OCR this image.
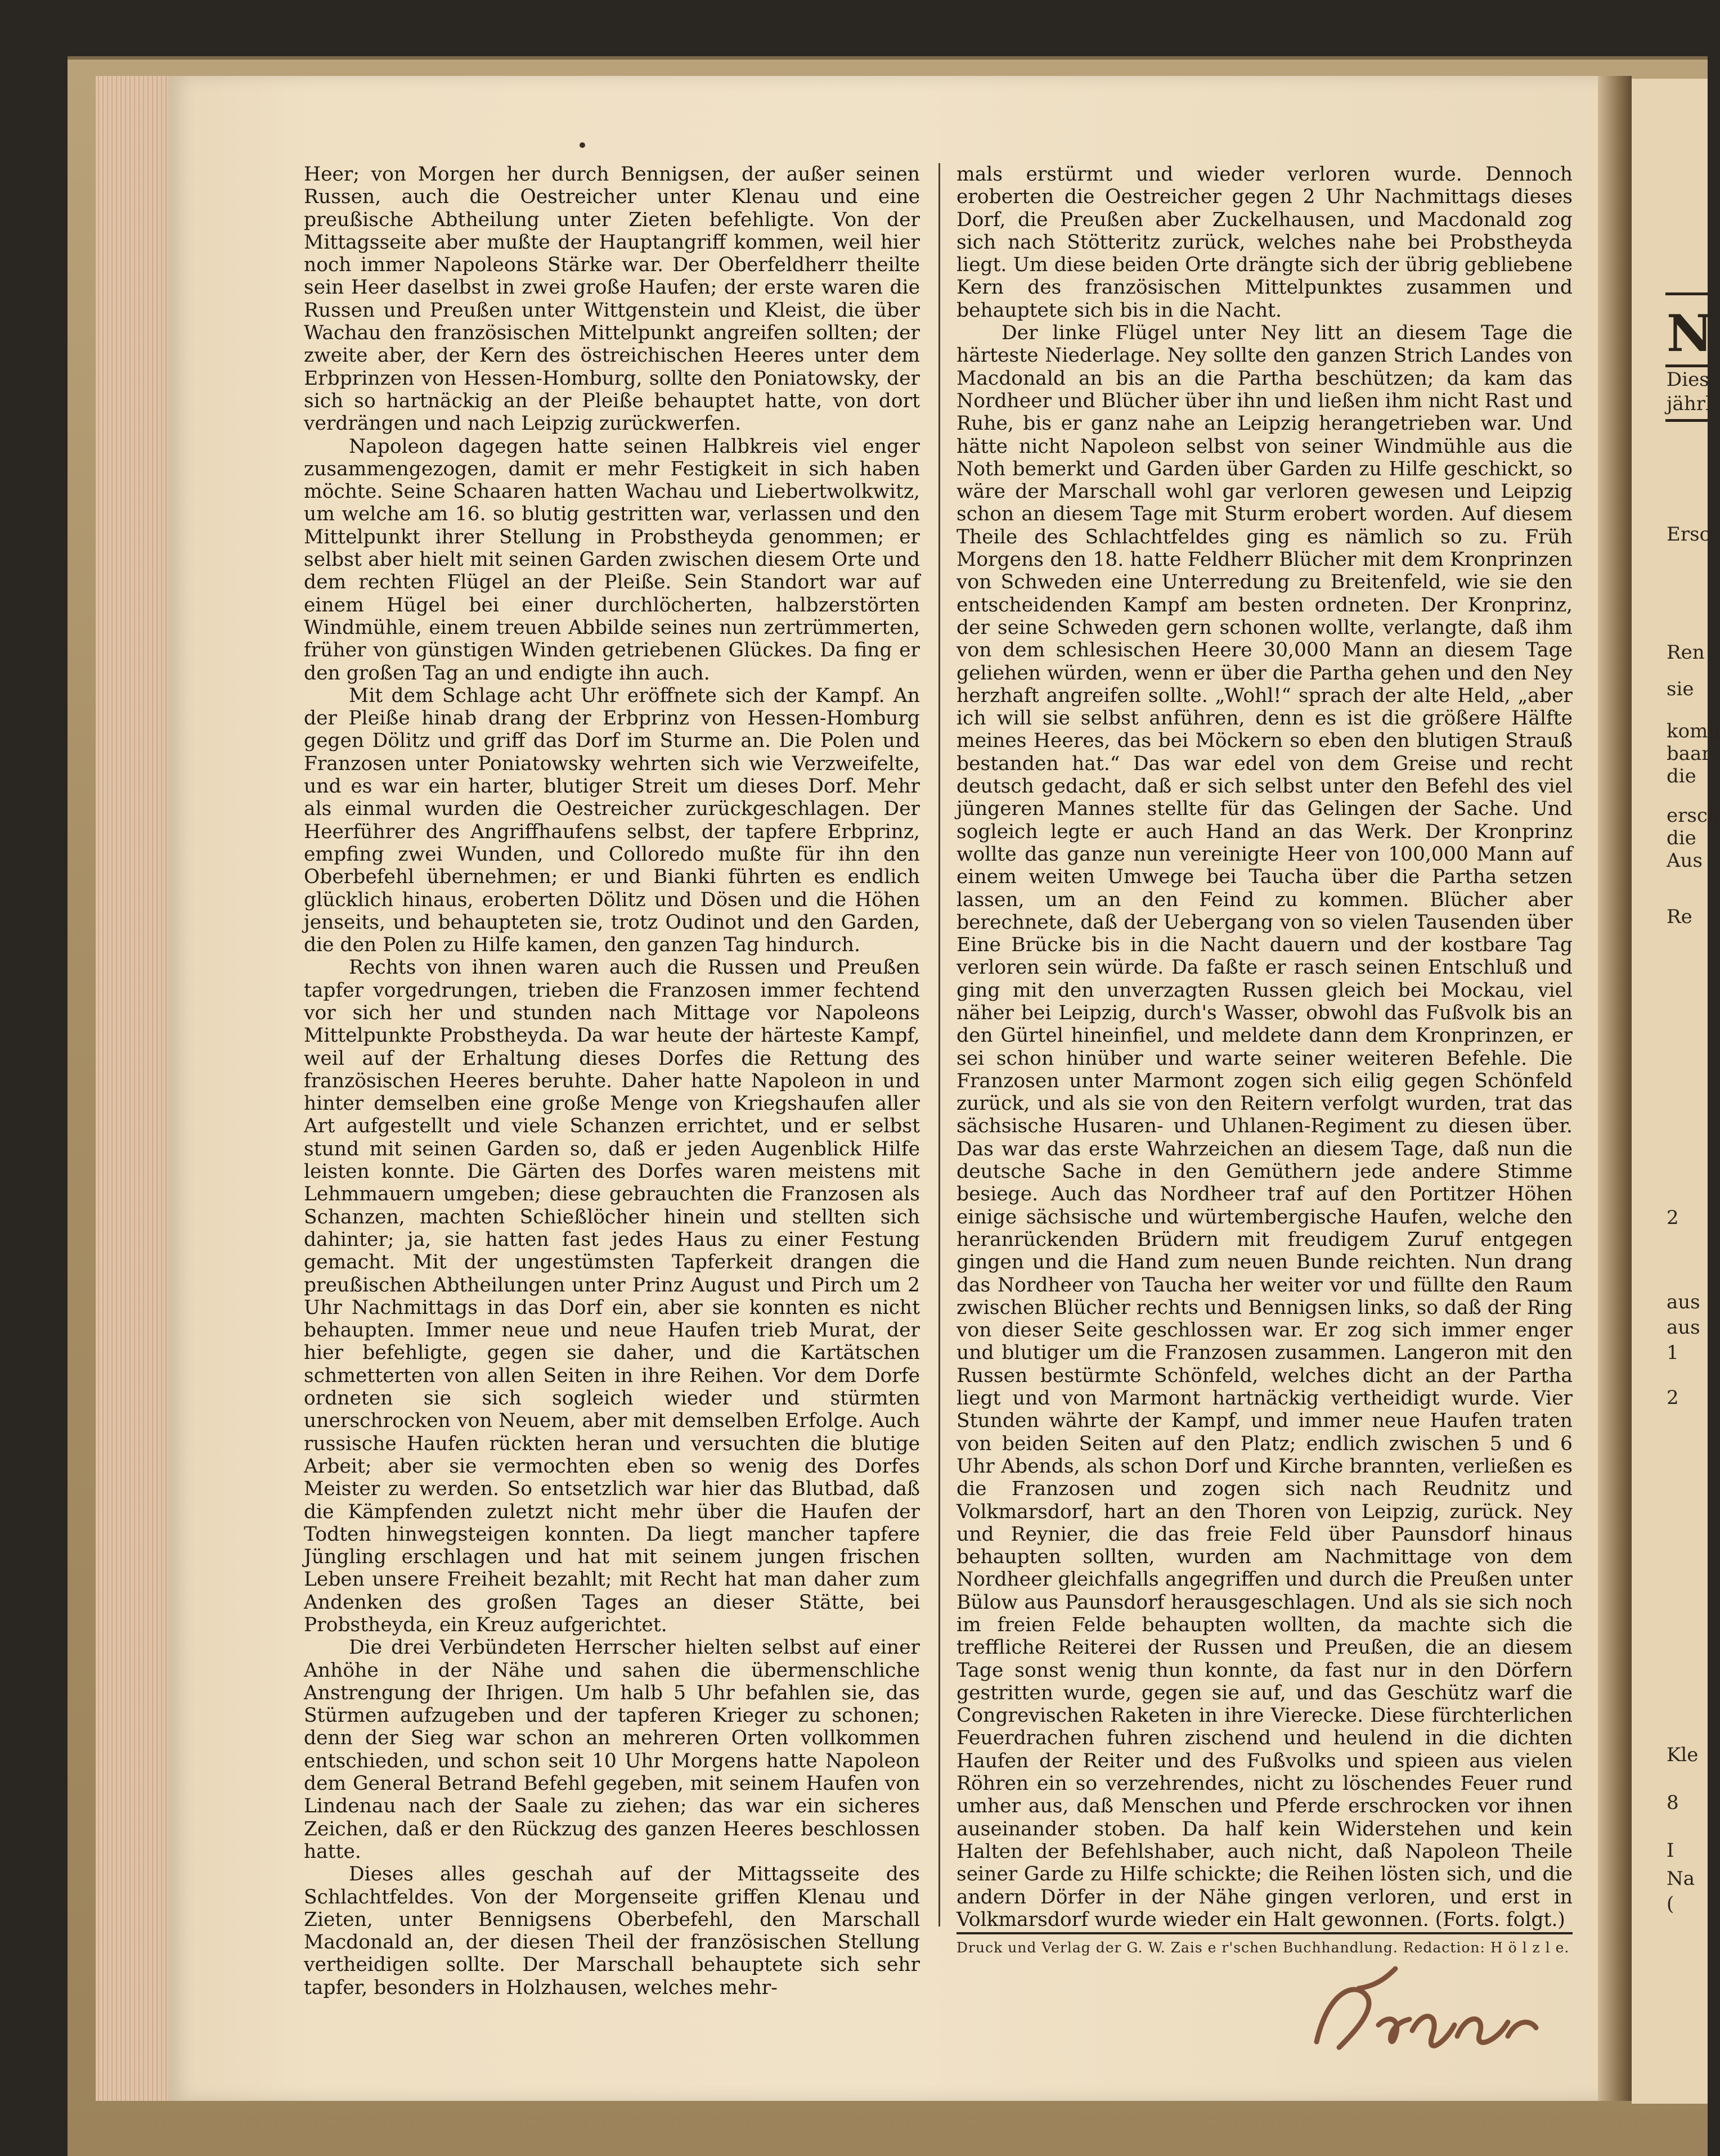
N
Dies
jährl
Ersc
Ren
sie
komu
baar
die
ersch
die
Aus
Re
2
aus
aus
1
2
Kle
8
I
Na
(

Heer; von Morgen her durch Bennigsen, der außer seinen Russen, auch die Oestreicher unter Klenau und eine preußische Abtheilung unter Zieten befehligte. Von der Mittagsseite aber mußte der Hauptangriff kommen, weil hier noch immer Napoleons Stärke war. Der Oberfeldherr theilte sein Heer daselbst in zwei große Haufen; der erste waren die Russen und Preußen unter Wittgenstein und Kleist, die über Wachau den französischen Mittelpunkt angreifen sollten; der zweite aber, der Kern des östreichischen Heeres unter dem Erbprinzen von Hessen-Homburg, sollte den Poniatowsky, der sich so hartnäckig an der Pleiße behauptet hatte, von dort verdrängen und nach Leipzig zurückwerfen.

Napoleon dagegen hatte seinen Halbkreis viel enger zusammengezogen, damit er mehr Festigkeit in sich haben möchte. Seine Schaaren hatten Wachau und Liebertwolkwitz, um welche am 16. so blutig gestritten war, verlassen und den Mittelpunkt ihrer Stellung in Probstheyda genommen; er selbst aber hielt mit seinen Garden zwischen diesem Orte und dem rechten Flügel an der Pleiße. Sein Standort war auf einem Hügel bei einer durchlöcherten, halbzerstörten Windmühle, einem treuen Abbilde seines nun zertrümmerten, früher von günstigen Winden getriebenen Glückes. Da fing er den großen Tag an und endigte ihn auch.

Mit dem Schlage acht Uhr eröffnete sich der Kampf. An der Pleiße hinab drang der Erbprinz von Hessen-Homburg gegen Dölitz und griff das Dorf im Sturme an. Die Polen und Franzosen unter Poniatowsky wehrten sich wie Verzweifelte, und es war ein harter, blutiger Streit um dieses Dorf. Mehr als einmal wurden die Oestreicher zurückgeschlagen. Der Heerführer des Angriffhaufens selbst, der tapfere Erbprinz, empfing zwei Wunden, und Colloredo mußte für ihn den Oberbefehl übernehmen; er und Bianki führten es endlich glücklich hinaus, eroberten Dölitz und Dösen und die Höhen jenseits, und behaupteten sie, trotz Oudinot und den Garden, die den Polen zu Hilfe kamen, den ganzen Tag hindurch.

Rechts von ihnen waren auch die Russen und Preußen tapfer vorgedrungen, trieben die Franzosen immer fechtend vor sich her und stunden nach Mittage vor Napoleons Mittelpunkte Probstheyda. Da war heute der härteste Kampf, weil auf der Erhaltung dieses Dorfes die Rettung des französischen Heeres beruhte. Daher hatte Napoleon in und hinter demselben eine große Menge von Kriegshaufen aller Art aufgestellt und viele Schanzen errichtet, und er selbst stund mit seinen Garden so, daß er jeden Augenblick Hilfe leisten konnte. Die Gärten des Dorfes waren meistens mit Lehmmauern umgeben; diese gebrauchten die Franzosen als Schanzen, machten Schießlöcher hinein und stellten sich dahinter; ja, sie hatten fast jedes Haus zu einer Festung gemacht. Mit der ungestümsten Tapferkeit drangen die preußischen Abtheilungen unter Prinz August und Pirch um 2 Uhr Nachmittags in das Dorf ein, aber sie konnten es nicht behaupten. Immer neue und neue Haufen trieb Murat, der hier befehligte, gegen sie daher, und die Kartätschen schmetterten von allen Seiten in ihre Reihen. Vor dem Dorfe ordneten sie sich sogleich wieder und stürmten unerschrocken von Neuem, aber mit demselben Erfolge. Auch russische Haufen rückten heran und versuchten die blutige Arbeit; aber sie vermochten eben so wenig des Dorfes Meister zu werden. So entsetzlich war hier das Blutbad, daß die Kämpfenden zuletzt nicht mehr über die Haufen der Todten hinwegsteigen konnten. Da liegt mancher tapfere Jüngling erschlagen und hat mit seinem jungen frischen Leben unsere Freiheit bezahlt; mit Recht hat man daher zum Andenken des großen Tages an dieser Stätte, bei Probstheyda, ein Kreuz aufgerichtet.

Die drei Verbündeten Herrscher hielten selbst auf einer Anhöhe in der Nähe und sahen die übermenschliche Anstrengung der Ihrigen. Um halb 5 Uhr befahlen sie, das Stürmen aufzugeben und der tapferen Krieger zu schonen; denn der Sieg war schon an mehreren Orten vollkommen entschieden, und schon seit 10 Uhr Morgens hatte Napoleon dem General Betrand Befehl gegeben, mit seinem Haufen von Lindenau nach der Saale zu ziehen; das war ein sicheres Zeichen, daß er den Rückzug des ganzen Heeres beschlossen hatte.

Dieses alles geschah auf der Mittagsseite des Schlachtfeldes. Von der Morgenseite griffen Klenau und Zieten, unter Bennigsens Oberbefehl, den Marschall Macdonald an, der diesen Theil der französischen Stellung vertheidigen sollte. Der Marschall behauptete sich sehr tapfer, besonders in Holzhausen, welches mehr-

mals erstürmt und wieder verloren wurde. Dennoch eroberten die Oestreicher gegen 2 Uhr Nachmittags dieses Dorf, die Preußen aber Zuckelhausen, und Macdonald zog sich nach Stötteritz zurück, welches nahe bei Probstheyda liegt. Um diese beiden Orte drängte sich der übrig gebliebene Kern des französischen Mittelpunktes zusammen und behauptete sich bis in die Nacht.

Der linke Flügel unter Ney litt an diesem Tage die härteste Niederlage. Ney sollte den ganzen Strich Landes von Macdonald an bis an die Partha beschützen; da kam das Nordheer und Blücher über ihn und ließen ihm nicht Rast und Ruhe, bis er ganz nahe an Leipzig herangetrieben war. Und hätte nicht Napoleon selbst von seiner Windmühle aus die Noth bemerkt und Garden über Garden zu Hilfe geschickt, so wäre der Marschall wohl gar verloren gewesen und Leipzig schon an diesem Tage mit Sturm erobert worden. Auf diesem Theile des Schlachtfeldes ging es nämlich so zu. Früh Morgens den 18. hatte Feldherr Blücher mit dem Kronprinzen von Schweden eine Unterredung zu Breitenfeld, wie sie den entscheidenden Kampf am besten ordneten. Der Kronprinz, der seine Schweden gern schonen wollte, verlangte, daß ihm von dem schlesischen Heere 30,000 Mann an diesem Tage geliehen würden, wenn er über die Partha gehen und den Ney herzhaft angreifen sollte. „Wohl!“ sprach der alte Held, „aber ich will sie selbst anführen, denn es ist die größere Hälfte meines Heeres, das bei Möckern so eben den blutigen Strauß bestanden hat.“ Das war edel von dem Greise und recht deutsch gedacht, daß er sich selbst unter den Befehl des viel jüngeren Mannes stellte für das Gelingen der Sache. Und sogleich legte er auch Hand an das Werk. Der Kronprinz wollte das ganze nun vereinigte Heer von 100,000 Mann auf einem weiten Umwege bei Taucha über die Partha setzen lassen, um an den Feind zu kommen. Blücher aber berechnete, daß der Uebergang von so vielen Tausenden über Eine Brücke bis in die Nacht dauern und der kostbare Tag verloren sein würde. Da faßte er rasch seinen Entschluß und ging mit den unverzagten Russen gleich bei Mockau, viel näher bei Leipzig, durch's Wasser, obwohl das Fußvolk bis an den Gürtel hineinfiel, und meldete dann dem Kronprinzen, er sei schon hinüber und warte seiner weiteren Befehle. Die Franzosen unter Marmont zogen sich eilig gegen Schönfeld zurück, und als sie von den Reitern verfolgt wurden, trat das sächsische Husaren- und Uhlanen-Regiment zu diesen über. Das war das erste Wahrzeichen an diesem Tage, daß nun die deutsche Sache in den Gemüthern jede andere Stimme besiege. Auch das Nordheer traf auf den Portitzer Höhen einige sächsische und würtembergische Haufen, welche den heranrückenden Brüdern mit freudigem Zuruf entgegen gingen und die Hand zum neuen Bunde reichten. Nun drang das Nordheer von Taucha her weiter vor und füllte den Raum zwischen Blücher rechts und Bennigsen links, so daß der Ring von dieser Seite geschlossen war. Er zog sich immer enger und blutiger um die Franzosen zusammen. Langeron mit den Russen bestürmte Schönfeld, welches dicht an der Partha liegt und von Marmont hartnäckig vertheidigt wurde. Vier Stunden währte der Kampf, und immer neue Haufen traten von beiden Seiten auf den Platz; endlich zwischen 5 und 6 Uhr Abends, als schon Dorf und Kirche brannten, verließen es die Franzosen und zogen sich nach Reudnitz und Volkmarsdorf, hart an den Thoren von Leipzig, zurück. Ney und Reynier, die das freie Feld über Paunsdorf hinaus behaupten sollten, wurden am Nachmittage von dem Nordheer gleichfalls angegriffen und durch die Preußen unter Bülow aus Paunsdorf herausgeschlagen. Und als sie sich noch im freien Felde behaupten wollten, da machte sich die treffliche Reiterei der Russen und Preußen, die an diesem Tage sonst wenig thun konnte, da fast nur in den Dörfern gestritten wurde, gegen sie auf, und das Geschütz warf die Congrevischen Raketen in ihre Vierecke. Diese fürchterlichen Feuerdrachen fuhren zischend und heulend in die dichten Haufen der Reiter und des Fußvolks und spieen aus vielen Röhren ein so verzehrendes, nicht zu löschendes Feuer rund umher aus, daß Menschen und Pferde erschrocken vor ihnen auseinander stoben. Da half kein Widerstehen und kein Halten der Befehlshaber, auch nicht, daß Napoleon Theile seiner Garde zu Hilfe schickte; die Reihen lösten sich, und die andern Dörfer in der Nähe gingen verloren, und erst in Volkmarsdorf wurde wieder ein Halt gewonnen. (Forts. folgt.)

Druck und Verlag der G. W. Zais e r'schen Buchhandlung. Redaction: H ö l z l e.
